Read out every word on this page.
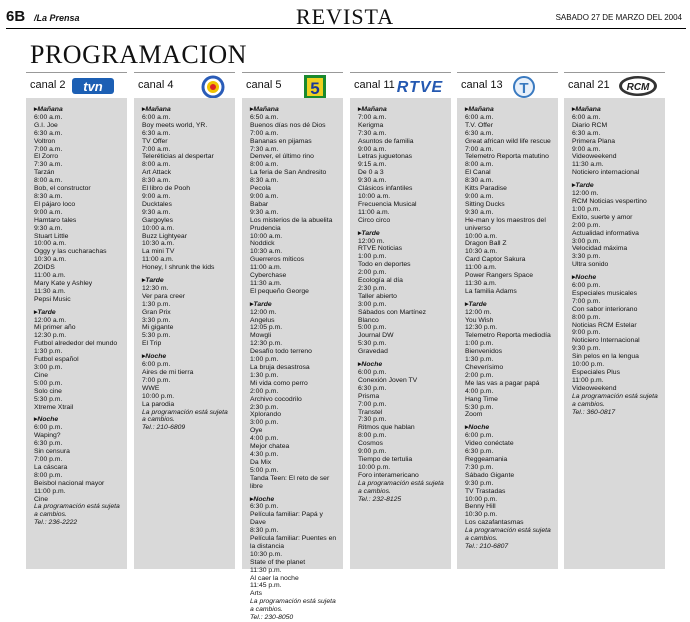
6B /La Prensa	REVISTA	SABADO 27 DE MARZO DEL 2004
PROGRAMACION
canal 2 tvn

▸ Mañana

6:00 a.m.

G.I. Joe

6:30 a.m.

Voltron

7:00 a.m.

El Zorro

7:30 a.m.

Tarzán

8:00 a.m.

Bob, el constructor

8:30 a.m.

El pájaro loco

9:00 a.m.

Hamtaro tales

9:30 a.m.

Stuart Little

10:00 a.m.

Oggy y las cucharachas

10:30 a.m.

ZOIDS

11:00 a.m.

Mary Kate y Ashley

11:30 a.m.

Pepsi Music

▸ Tarde

12:00 a.m.

Mi primer año

12:30 p.m.

Futbol alrededor del mundo

1:30 p.m.

Futbol español

3:00 p.m.

Cine

5:00 p.m.

Solo cine

5:30 p.m.

Xtreme Xtrail

▸ Noche

6:00 p.m.

Waping?

6:30 p.m.

Sin censura

7:00 p.m.

La cáscara

8:00 p.m.

Beisbol nacional mayor

11:00 p.m.

Cine

La programación está sujeta a cambios.

Tel.: 236-2222

canal 4

▸ Mañana

6:00 a.m.

Boy meets world, YR.

6:30 a.m.

TV Offer

7:00 a.m.

Teleréticias al despertar

8:00 a.m.

Art Attack

8:30 a.m.

El libro de Pooh

9:00 a.m.

Ducktales

9:30 a.m.

Gargoyles

10:00 a.m.

Buzz Lightyear

10:30 a.m.

La mini TV

11:00 a.m.

Honey, I shrunk the kids

▸ Tarde

12:30 m.

Ver para creer

1:30 p.m.

Gran Prix

3:30 p.m.

Mi gigante

5:30 p.m.

El Trip

▸ Noche

6:00 p.m.

Aires de mi tierra

7:00 p.m.

WWE

10:00 p.m.

La parodia

La programación está sujeta a cambios.

Tel.: 210-6809

canal 5 5

▸ Mañana

6:50 a.m.

Buenos días nos dé Dios

7:00 a.m.

Bananas en pijamas

7:30 a.m.

Denver, el último rino

8:00 a.m.

La feria de San Andresito

8:30 a.m.

Pecola

9:00 a.m.

Babar

9:30 a.m.

Los misterios de la abuelita Prudencia

10:00 a.m.

Noddick

10:30 a.m.

Guerreros míticos

11:00 a.m.

Cyberchase

11:30 a.m.

El pequeño George

▸ Tarde

12:00 m.

Angelus

12:05 p.m.

Mowgli

12:30 p.m.

Desafío todo terreno

1:00 p.m.

La bruja desastrosa

1:30 p.m.

Mi vida como perro

2:00 p.m.

Archivo cocodrilo

2:30 p.m.

Xplorando

3:00 p.m.

Oye

4:00 p.m.

Mejor chatea

4:30 p.m.

Da Mix

5:00 p.m.

Tanda Teen: El reto de ser libre

▸ Noche

6:30 p.m.

Película familiar: Papá y Dave

8:30 p.m.

Película familiar: Puentes en la distancia

10:30 p.m.

State of the planet

11:30 p.m.

Al caer la noche

11:45 p.m.

Arts

La programación está sujeta a cambios.

Tel.: 230-8050

canal 11 RTVE

▸ Mañana

7:00 a.m.

Kerigma

7:30 a.m.

Asuntos de familia

9:00 a.m.

Letras juguetonas

9:15 a.m.

De 0 a 3

9:30 a.m.

Clásicos infantiles

10:00 a.m.

Frecuencia Musical

11:00 a.m.

Circo circo

▸ Tarde

12:00 m.

RTVE Noticias

1:00 p.m.

Todo en deportes

2:00 p.m.

Ecología al día

2:30 p.m.

Taller abierto

3:00 p.m.

Sábados con Martínez Blanco

5:00 p.m.

Journal DW

5:30 p.m.

Gravedad

▸ Noche

6:00 p.m.

Conexión Joven TV

6:30 p.m.

Prisma

7:00 p.m.

Transtel

7:30 p.m.

Ritmos que hablan

8:00 p.m.

Cosmos

9:00 p.m.

Tiempo de tertulia

10:00 p.m.

Foro interamericano

La programación está sujeta a cambios.

Tel.: 232-8125

canal 13 T

▸ Mañana

6:00 a.m.

T.V. Offer

6:30 a.m.

Great african wild life rescue

7:00 a.m.

Telemetro Reporta matutino

8:00 a.m.

El Canal

8:30 a.m.

Kitts Paradise

9:00 a.m.

Sitting Ducks

9:30 a.m.

He-man y los maestros del universo

10:00 a.m.

Dragon Ball Z

10:30 a.m.

Card Captor Sakura

11:00 a.m.

Power Rangers Space

11:30 a.m.

La familia Adams

▸ Tarde

12:00 m.

You Wish

12:30 p.m.

Telemetro Reporta mediodía

1:00 p.m.

Bienvenidos

1:30 p.m.

Cheverísimo

2:00 p.m.

Me las vas a pagar papá

4:00 p.m.

Hang Time

5:30 p.m.

Zoom

▸ Noche

6:00 p.m.

Video conéctate

6:30 p.m.

Reggeamania

7:30 p.m.

Sábado Gigante

9:30 p.m.

TV Trastadas

10:00 p.m.

Benny Hill

10:30 p.m.

Los cazafantasmas

La programación está sujeta a cambios.

Tel.: 210-6807

canal 21 RCM

▸ Mañana

6:00 a.m.

Diario RCM

6:30 a.m.

Primera Plana

9:00 a.m.

Videoweekend

11:30 a.m.

Noticiero internacional

▸ Tarde

12:00 m.

RCM Noticias vespertino

1:00 p.m.

Exito, suerte y amor

2:00 p.m.

Actualidad informativa

3:00 p.m.

Velocidad máxima

3:30 p.m.

Ultra sonido

▸ Noche

6:00 p.m.

Especiales musicales

7:00 p.m.

Con sabor interiorano

8:00 p.m.

Noticias RCM Estelar

9:00 p.m.

Noticiero Internacional

9:30 p.m.

Sin pelos en la lengua

10:00 p.m.

Especiales Plus

11:00 p.m.

Videoweekend

La programación está sujeta a cambios.

Tel.: 360-0817
